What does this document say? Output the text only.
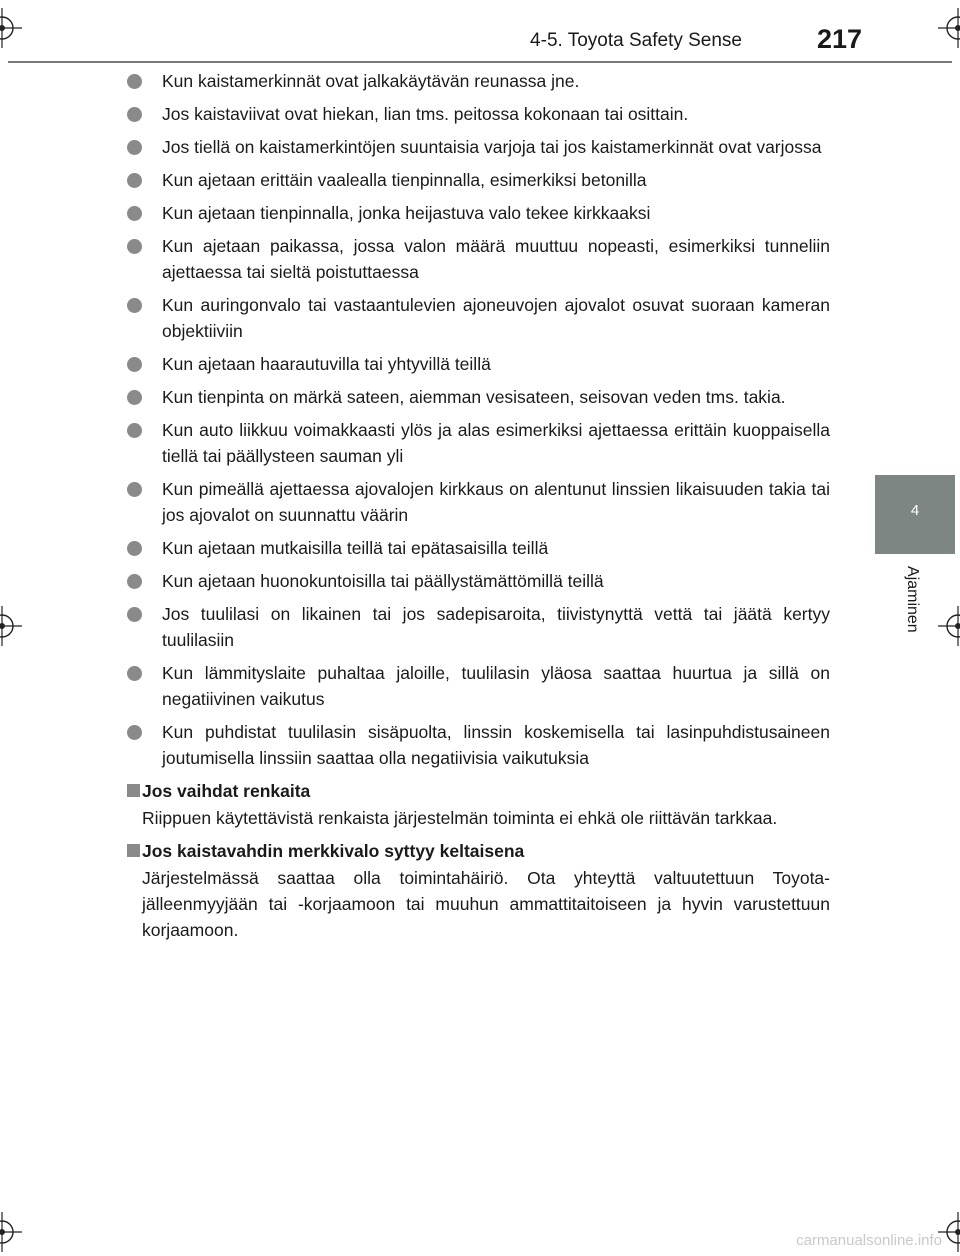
4-5. Toyota Safety Sense	217
4
Ajaminen
Kun kaistamerkinnät ovat jalkakäytävän reunassa jne.
Jos kaistaviivat ovat hiekan, lian tms. peitossa kokonaan tai osittain.
Jos tiellä on kaistamerkintöjen suuntaisia varjoja tai jos kaistamerkinnät ovat varjossa
Kun ajetaan erittäin vaalealla tienpinnalla, esimerkiksi betonilla
Kun ajetaan tienpinnalla, jonka heijastuva valo tekee kirkkaaksi
Kun ajetaan paikassa, jossa valon määrä muuttuu nopeasti, esimerkiksi tunneliin ajettaessa tai sieltä poistuttaessa
Kun auringonvalo tai vastaantulevien ajoneuvojen ajovalot osuvat suoraan kameran objektiiviin
Kun ajetaan haarautuvilla tai yhtyvillä teillä
Kun tienpinta on märkä sateen, aiemman vesisateen, seisovan veden tms. takia.
Kun auto liikkuu voimakkaasti ylös ja alas esimerkiksi ajettaessa erittäin kuoppaisella tiellä tai päällysteen sauman yli
Kun pimeällä ajettaessa ajovalojen kirkkaus on alentunut linssien likaisuuden takia tai jos ajovalot on suunnattu väärin
Kun ajetaan mutkaisilla teillä tai epätasaisilla teillä
Kun ajetaan huonokuntoisilla tai päällystämättömillä teillä
Jos tuulilasi on likainen tai jos sadepisaroita, tiivistynyttä vettä tai jäätä kertyy tuulilasiin
Kun lämmityslaite puhaltaa jaloille, tuulilasin yläosa saattaa huurtua ja sillä on negatiivinen vaikutus
Kun puhdistat tuulilasin sisäpuolta, linssin koskemisella tai lasinpuhdistusaineen joutumisella linssiin saattaa olla negatiivisia vaikutuksia
Jos vaihdat renkaita
Riippuen käytettävistä renkaista järjestelmän toiminta ei ehkä ole riittävän tarkkaa.
Jos kaistavahdin merkkivalo syttyy keltaisena
Järjestelmässä saattaa olla toimintahäiriö. Ota yhteyttä valtuutettuun Toyota-jälleenmyyjään tai -korjaamoon tai muuhun ammattitaitoiseen ja hyvin varustettuun korjaamoon.
carmanualsonline.info
